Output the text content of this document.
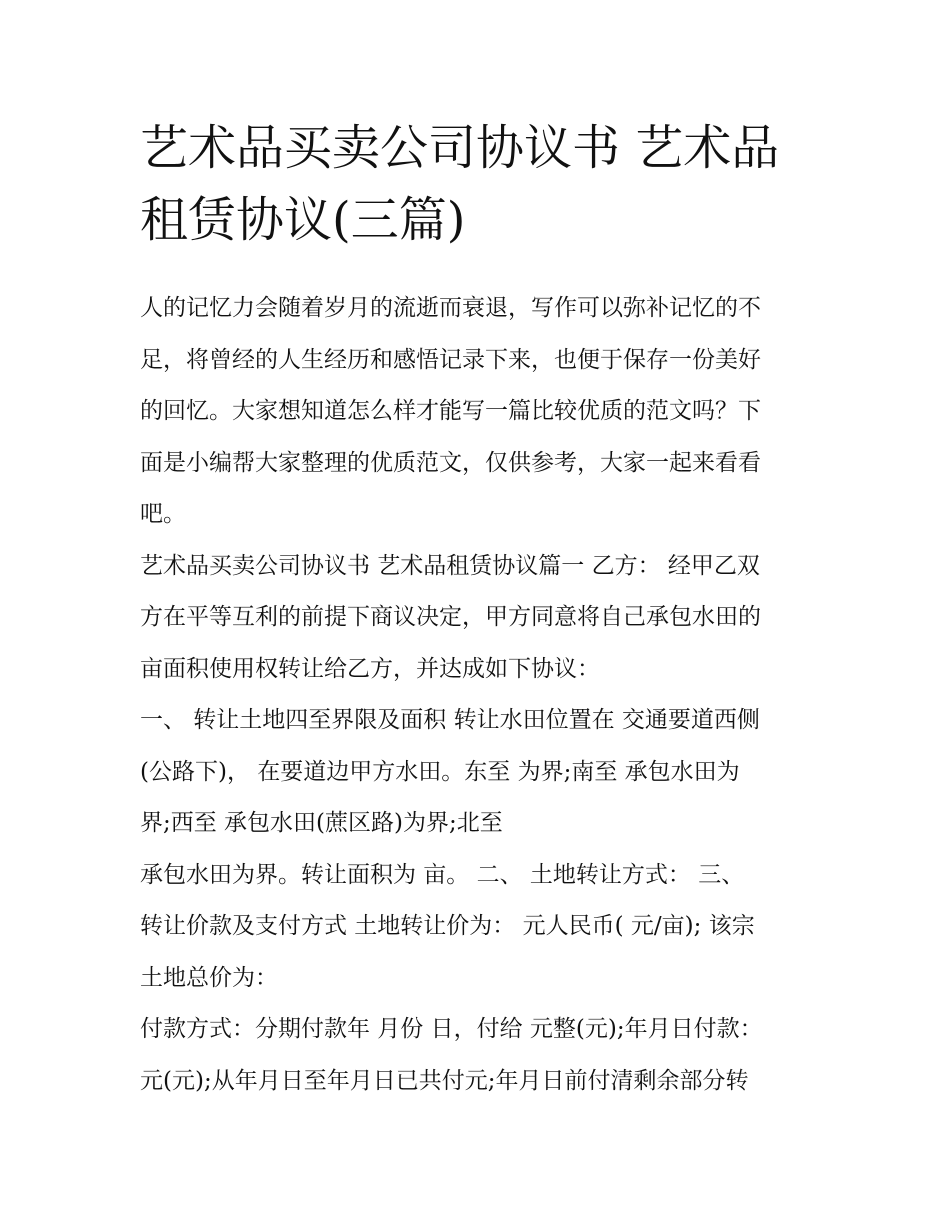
艺术品买卖公司协议书 艺术品
租赁协议(三篇)
人的记忆力会随着岁月的流逝而衰退，写作可以弥补记忆的不
足，将曾经的人生经历和感悟记录下来，也便于保存一份美好
的回忆。大家想知道怎么样才能写一篇比较优质的范文吗？下
面是小编帮大家整理的优质范文，仅供参考，大家一起来看看
吧。
艺术品买卖公司协议书 艺术品租赁协议篇一 乙方： 经甲乙双
方在平等互利的前提下商议决定，甲方同意将自己承包水田的
亩面积使用权转让给乙方，并达成如下协议：
一、 转让土地四至界限及面积 转让水田位置在 交通要道西侧
(公路下)， 在要道边甲方水田。东至 为界;南至 承包水田为
界;西至 承包水田(蔗区路)为界;北至
承包水田为界。转让面积为 亩。 二、 土地转让方式： 三、
转让价款及支付方式 土地转让价为： 元人民币( 元/亩); 该宗
土地总价为：
付款方式：分期付款年 月份 日，付给 元整(元);年月日付款：
元(元);从年月日至年月日已共付元;年月日前付清剩余部分转
